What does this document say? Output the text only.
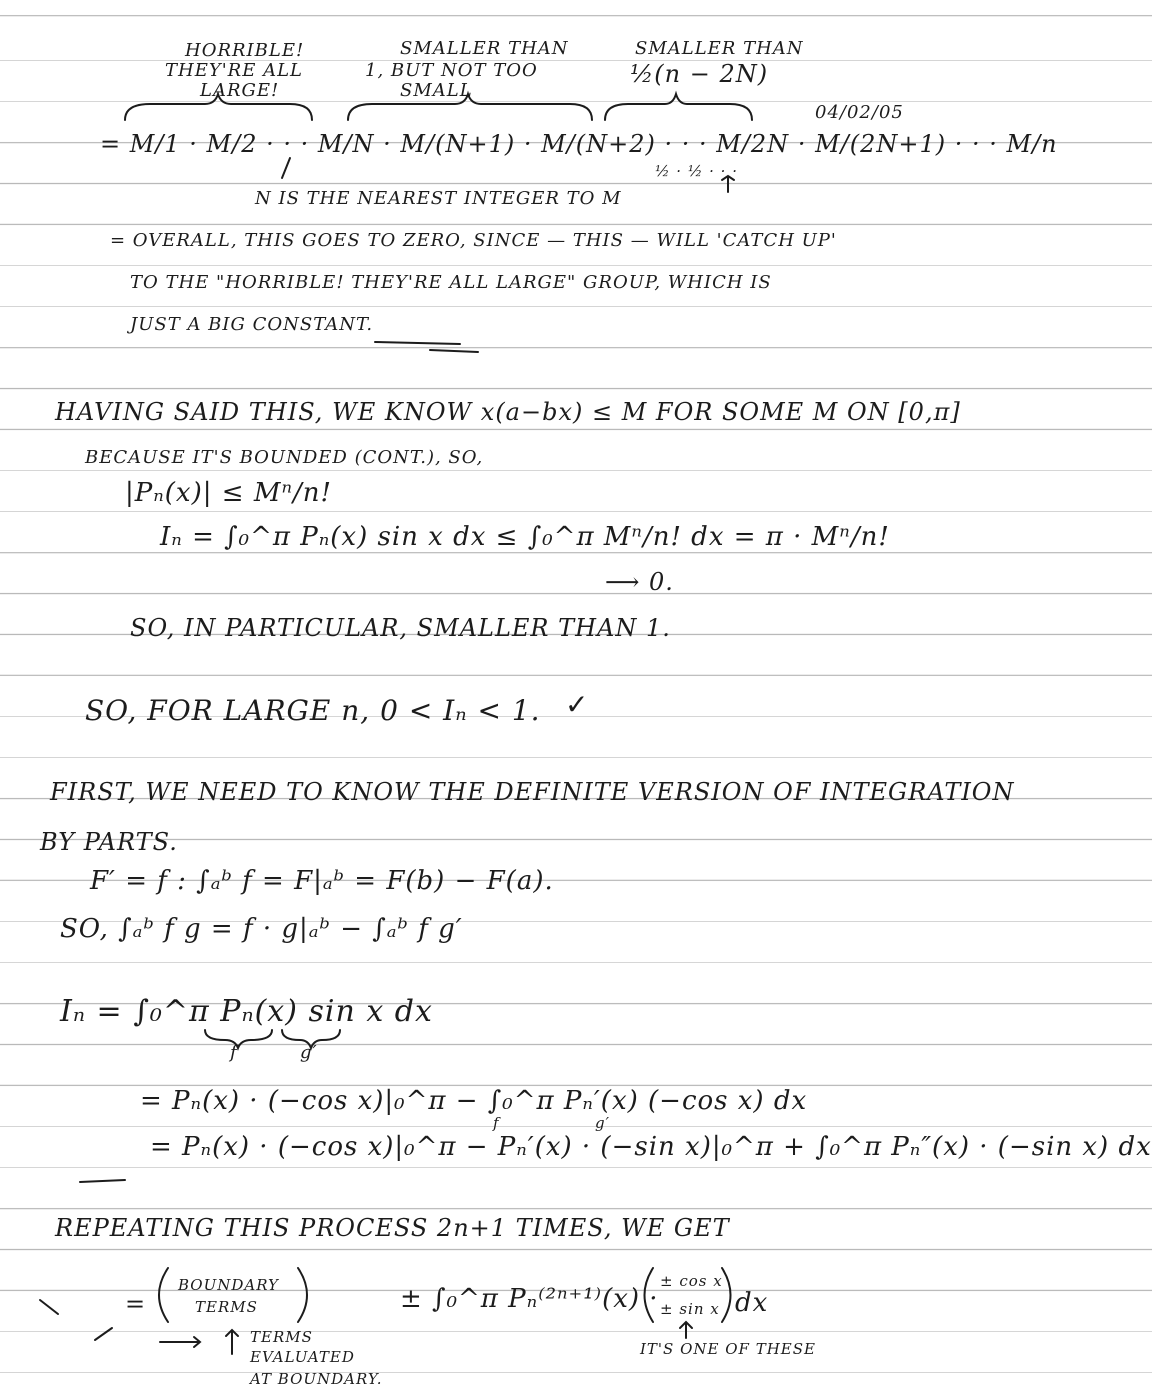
HORRIBLE!
THEY'RE ALL
LARGE!
SMALLER THAN
1, BUT NOT TOO
SMALL
SMALLER THAN
½(n − 2N)
04/02/05
= M/1 · M/2 · · · M/N · M/(N+1) · M/(N+2) · · · M/2N · M/(2N+1) · · · M/n
½ · ½ · · ·
N IS THE NEAREST INTEGER TO M
= OVERALL, THIS GOES TO ZERO, SINCE — THIS — WILL 'CATCH UP'
TO THE "HORRIBLE! THEY'RE ALL LARGE" GROUP, WHICH IS
JUST A BIG CONSTANT.
HAVING SAID THIS, WE KNOW x(a−bx) ≤ M FOR SOME M ON [0,π]
BECAUSE IT'S BOUNDED (CONT.), SO,
|Pₙ(x)| ≤ Mⁿ/n!
Iₙ = ∫₀^π Pₙ(x) sin x dx ≤ ∫₀^π Mⁿ/n! dx = π · Mⁿ/n!
⟶ 0.
SO, IN PARTICULAR, SMALLER THAN 1.
SO, FOR LARGE n, 0 < Iₙ < 1. ✓
FIRST, WE NEED TO KNOW THE DEFINITE VERSION OF INTEGRATION
BY PARTS.
F′ = f : ∫ₐᵇ f = F|ₐᵇ = F(b) − F(a).
SO, ∫ₐᵇ f g = f · g|ₐᵇ − ∫ₐᵇ f g′
Iₙ = ∫₀^π Pₙ(x) sin x dx
f	g′
= Pₙ(x) · (−cos x)|₀^π − ∫₀^π Pₙ′(x) (−cos x) dx
f	g′
= Pₙ(x) · (−cos x)|₀^π − Pₙ′(x) · (−sin x)|₀^π + ∫₀^π Pₙ″(x) · (−sin x) dx
REPEATING THIS PROCESS 2n+1 TIMES, WE GET
=
BOUNDARY
TERMS	± ∫₀^π Pₙ⁽²ⁿ⁺¹⁾(x) ·
± cos x
± sin x dx
TERMS
EVALUATED
AT BOUNDARY.
IT'S ONE OF THESE
